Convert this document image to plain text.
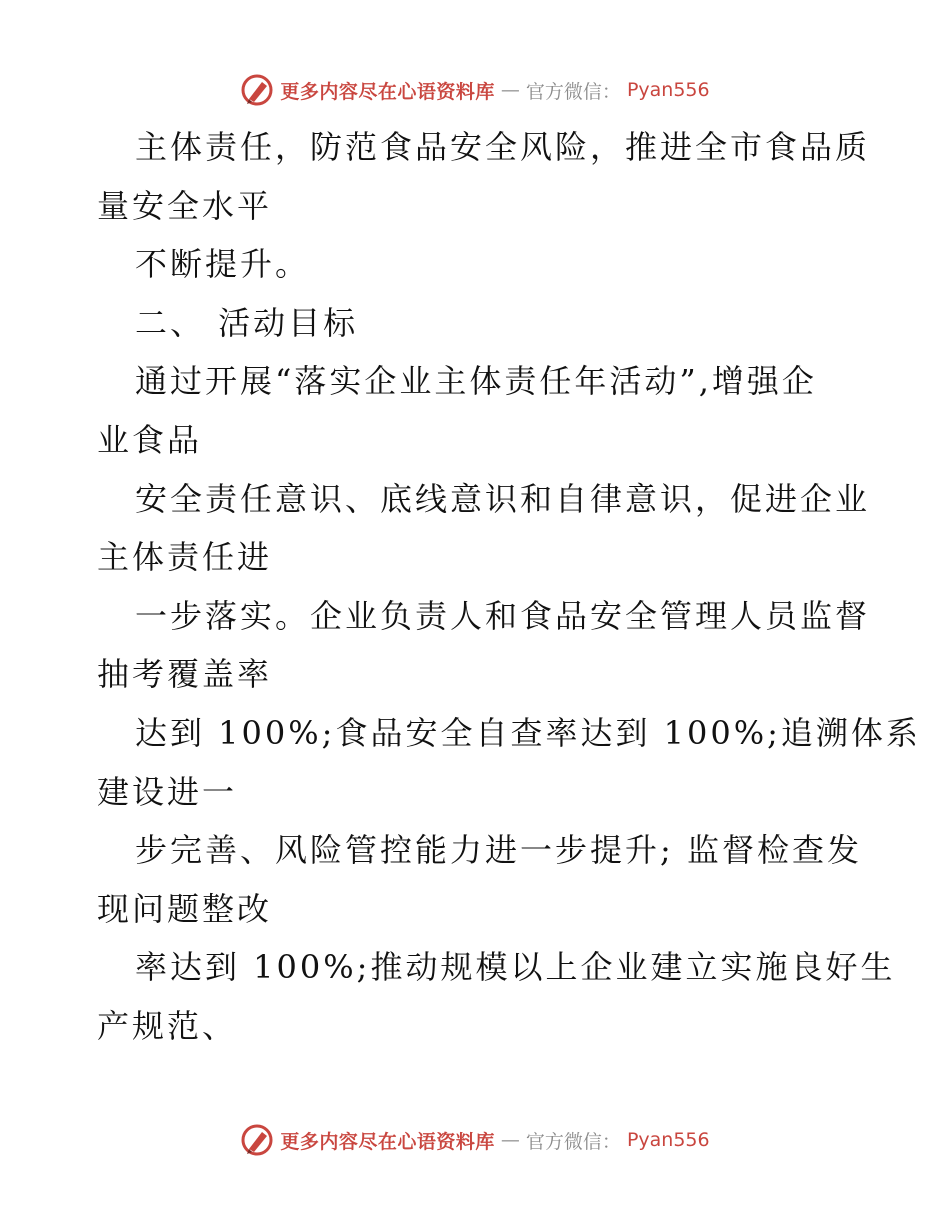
更多内容尽在心语资料库 — 官方微信： Pyan556
主体责任，防范食品安全风险，推进全市食品质
量安全水平
不断提升。
二、 活动目标
通过开展“落实企业主体责任年活动”,增强企
业食品
安全责任意识、底线意识和自律意识，促进企业
主体责任进
一步落实。企业负责人和食品安全管理人员监督
抽考覆盖率
达到 100%;食品安全自查率达到 100%;追溯体系
建设进一
步完善、风险管控能力进一步提升; 监督检查发
现问题整改
率达到 100%;推动规模以上企业建立实施良好生
产规范、
更多内容尽在心语资料库 — 官方微信： Pyan556
